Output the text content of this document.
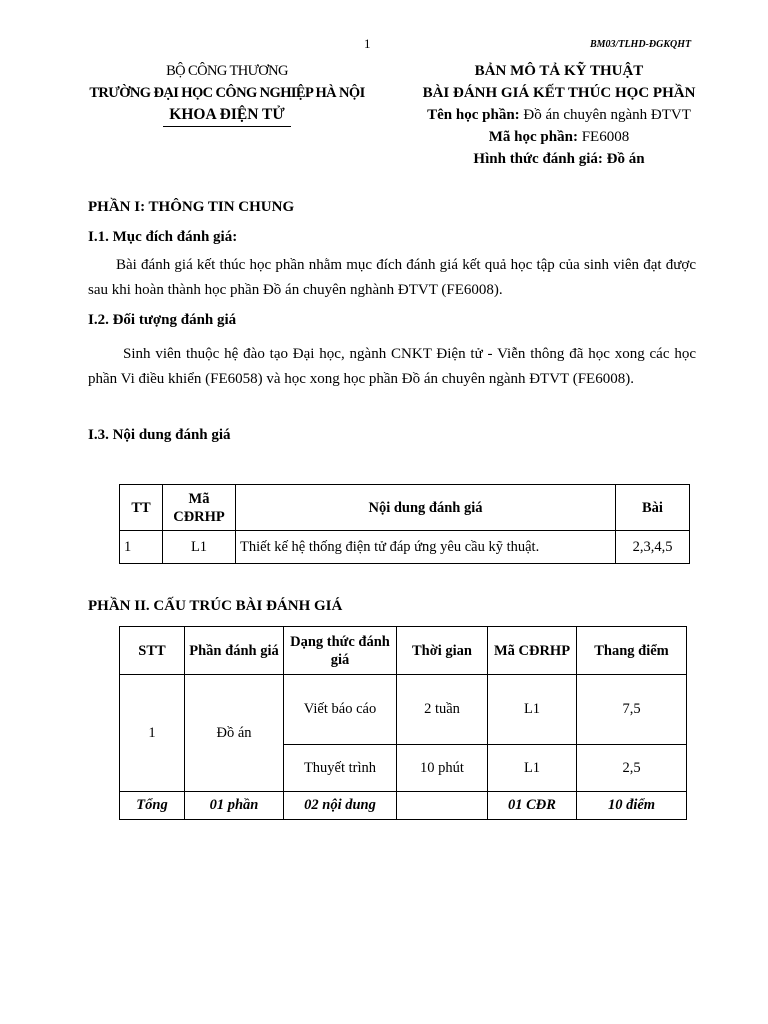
1	BM03/TLHD-ĐGKQHT
BỘ CÔNG THƯƠNG
TRƯỜNG ĐẠI HỌC CÔNG NGHIỆP HÀ NỘI
KHOA ĐIỆN TỬ
BẢN MÔ TẢ KỸ THUẬT
BÀI ĐÁNH GIÁ KẾT THÚC HỌC PHẦN
Tên học phần: Đồ án chuyên ngành ĐTVT
Mã học phần: FE6008
Hình thức đánh giá: Đồ án
PHẦN I: THÔNG TIN CHUNG
I.1. Mục đích đánh giá:
Bài đánh giá kết thúc học phần nhằm mục đích đánh giá kết quả học tập của sinh viên đạt được sau khi hoàn thành học phần Đồ án chuyên nghành ĐTVT (FE6008).
I.2. Đối tượng đánh giá
Sinh viên thuộc hệ đào tạo Đại học, ngành CNKT Điện tử - Viễn thông đã học xong các học phần Vi điều khiển (FE6058) và học xong học phần Đồ án chuyên ngành ĐTVT (FE6008).
I.3. Nội dung đánh giá
TT	Mã CĐRHP	Nội dung đánh giá	Bài
1	L1	Thiết kế hệ thống điện tử đáp ứng yêu cầu kỹ thuật.	2,3,4,5
PHẦN II. CẤU TRÚC BÀI ĐÁNH GIÁ
STT	Phần đánh giá	Dạng thức đánh giá	Thời gian	Mã CĐRHP	Thang điểm
1	Đồ án	Viết báo cáo	2 tuần	L1	7,5
		Thuyết trình	10 phút	L1	2,5
Tổng	01 phần	02 nội dung		01 CĐR	10 điểm
